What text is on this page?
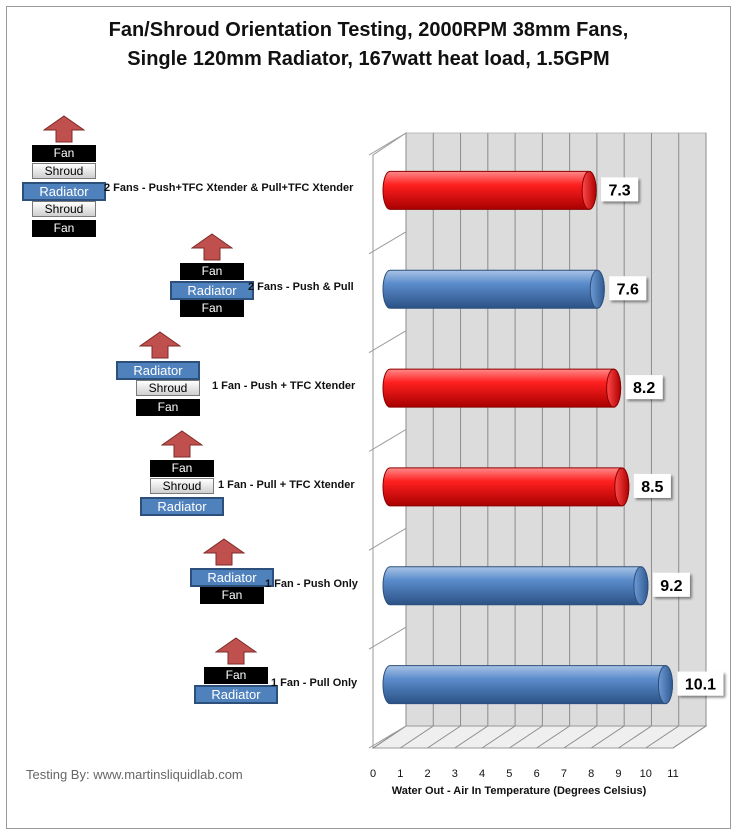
Fan/Shroud Orientation Testing, 2000RPM 38mm Fans,
Single 120mm Radiator, 167watt heat load, 1.5GPM
7.3
7.6
8.2
8.5
9.2
10.1
0 1 2 3 4 5 6 7 8 9 10 11
Water Out - Air In Temperature (Degrees Celsius)
Fan
Shroud
Radiator
Shroud
Fan
2 Fans - Push+TFC Xtender & Pull+TFC Xtender
Fan
Radiator
Fan
2 Fans - Push & Pull
Radiator
Shroud
Fan
1 Fan - Push + TFC Xtender
Fan
Shroud
Radiator
1 Fan - Pull + TFC Xtender
Radiator
Fan
1 Fan - Push Only
Fan
Radiator
1 Fan - Pull Only
Testing By: www.martinsliquidlab.com
